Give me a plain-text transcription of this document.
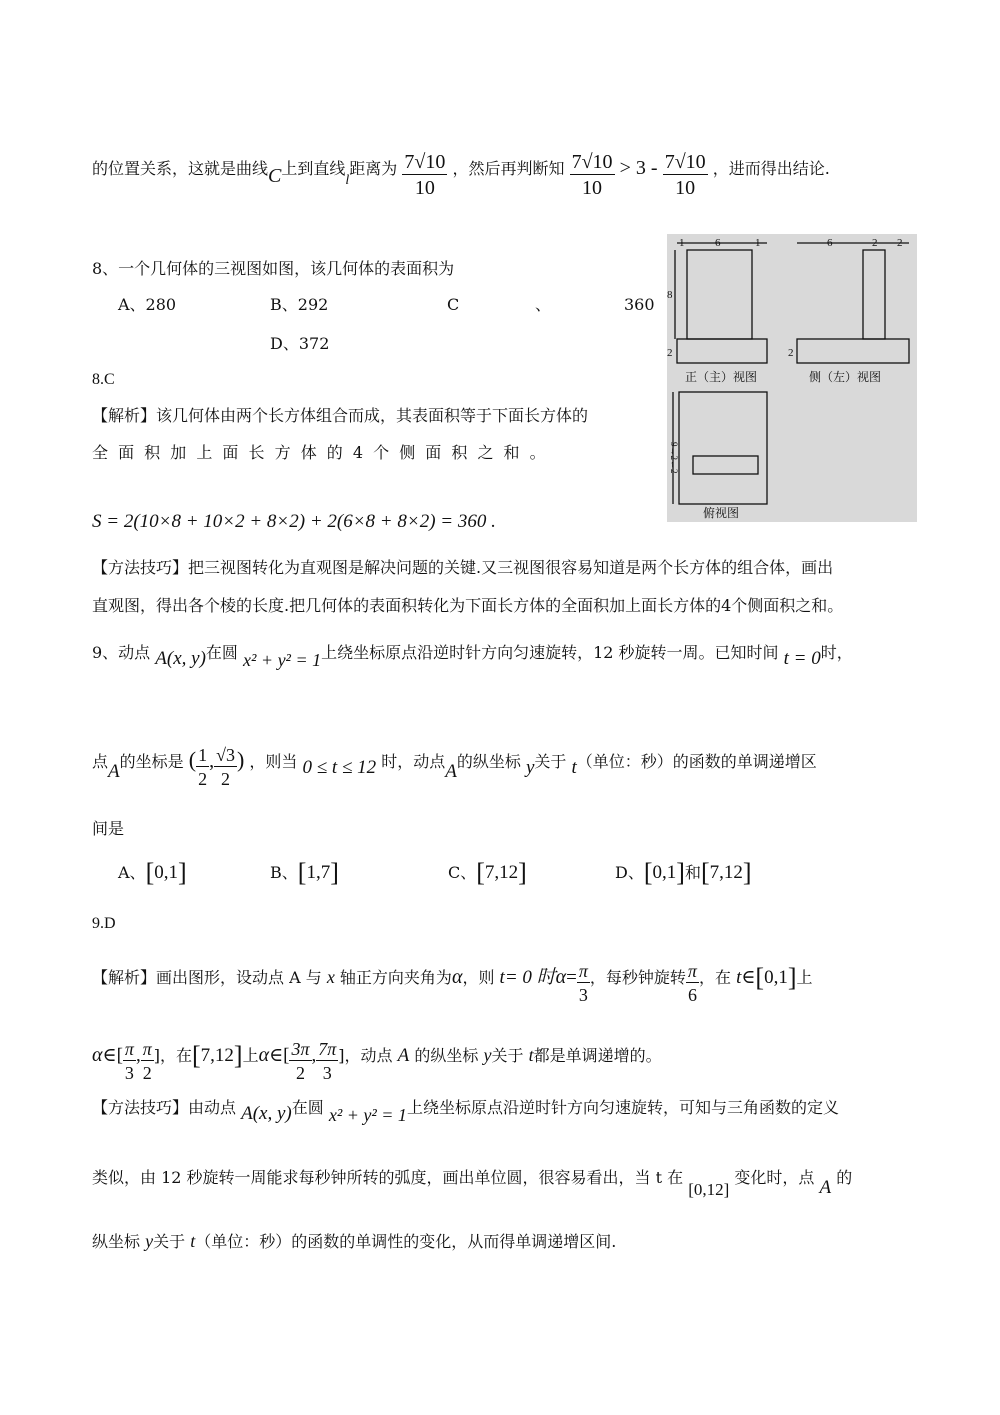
的位置关系，这就是曲线C上到直线l距离为 $\frac{7√10}{10}$ ，然后再判断知 $\frac{7√10}{10} > 3 - \frac{7√10}{10}$ ，进而得出结论.
8、一个几何体的三视图如图，该几何体的表面积为
A、280	B、292	C	、	360
D、372
8.C
【解析】该几何体由两个长方体组合而成，其表面积等于下面长方体的
全 面 积 加 上 面 长 方 体 的 4 个 侧 面 积 之 和 。
S = 2(10×8 + 10×2 + 8×2) + 2(6×8 + 8×2) = 360 .
【方法技巧】把三视图转化为直观图是解决问题的关键.又三视图很容易知道是两个长方体的组合体，画出
直观图，得出各个棱的长度.把几何体的表面积转化为下面长方体的全面积加上面长方体的4个侧面积之和。
1	6	1	6	2 2
8
2	2
9→2←2
正（主）视图	侧（左）视图
俯视图
9、动点 A(x, y)在圆 x² + y² = 1上绕坐标原点沿逆时针方向匀速旋转，12 秒旋转一周。已知时间 t = 0时，
点A的坐标是 ( $\frac{1}{2}$ , $\frac{√3}{2}$ ) ，则当 0 ≤ t ≤ 12 时，动点A的纵坐标 y关于 t（单位：秒）的函数的单调递增区
间是
A、[0,1]	B、[1,7]	C、[7,12]	D、[0,1]和[7,12]
9.D
【解析】画出图形，设动点 A 与 x 轴正方向夹角为α，则 t= 0 时$\alpha= \frac{\pi}{3}$ ，每秒钟旋转 $\frac{\pi}{6}$ ，在 t∈[0,1]上
α∈[ $\frac{\pi}{3}$ , $\frac{\pi}{2}$ ]，在[7,12]上α∈[ $\frac{3\pi}{2}$ , $\frac{7\pi}{3}$ ]，动点 A 的纵坐标 y关于 t都是单调递增的。
【方法技巧】由动点 A(x, y)在圆 x² + y² = 1上绕坐标原点沿逆时针方向匀速旋转，可知与三角函数的定义
类似，由 12 秒旋转一周能求每秒钟所转的弧度，画出单位圆，很容易看出，当 t 在 [0,12] 变化时，点 A 的
纵坐标 y关于 t（单位：秒）的函数的单调性的变化，从而得单调递增区间.
